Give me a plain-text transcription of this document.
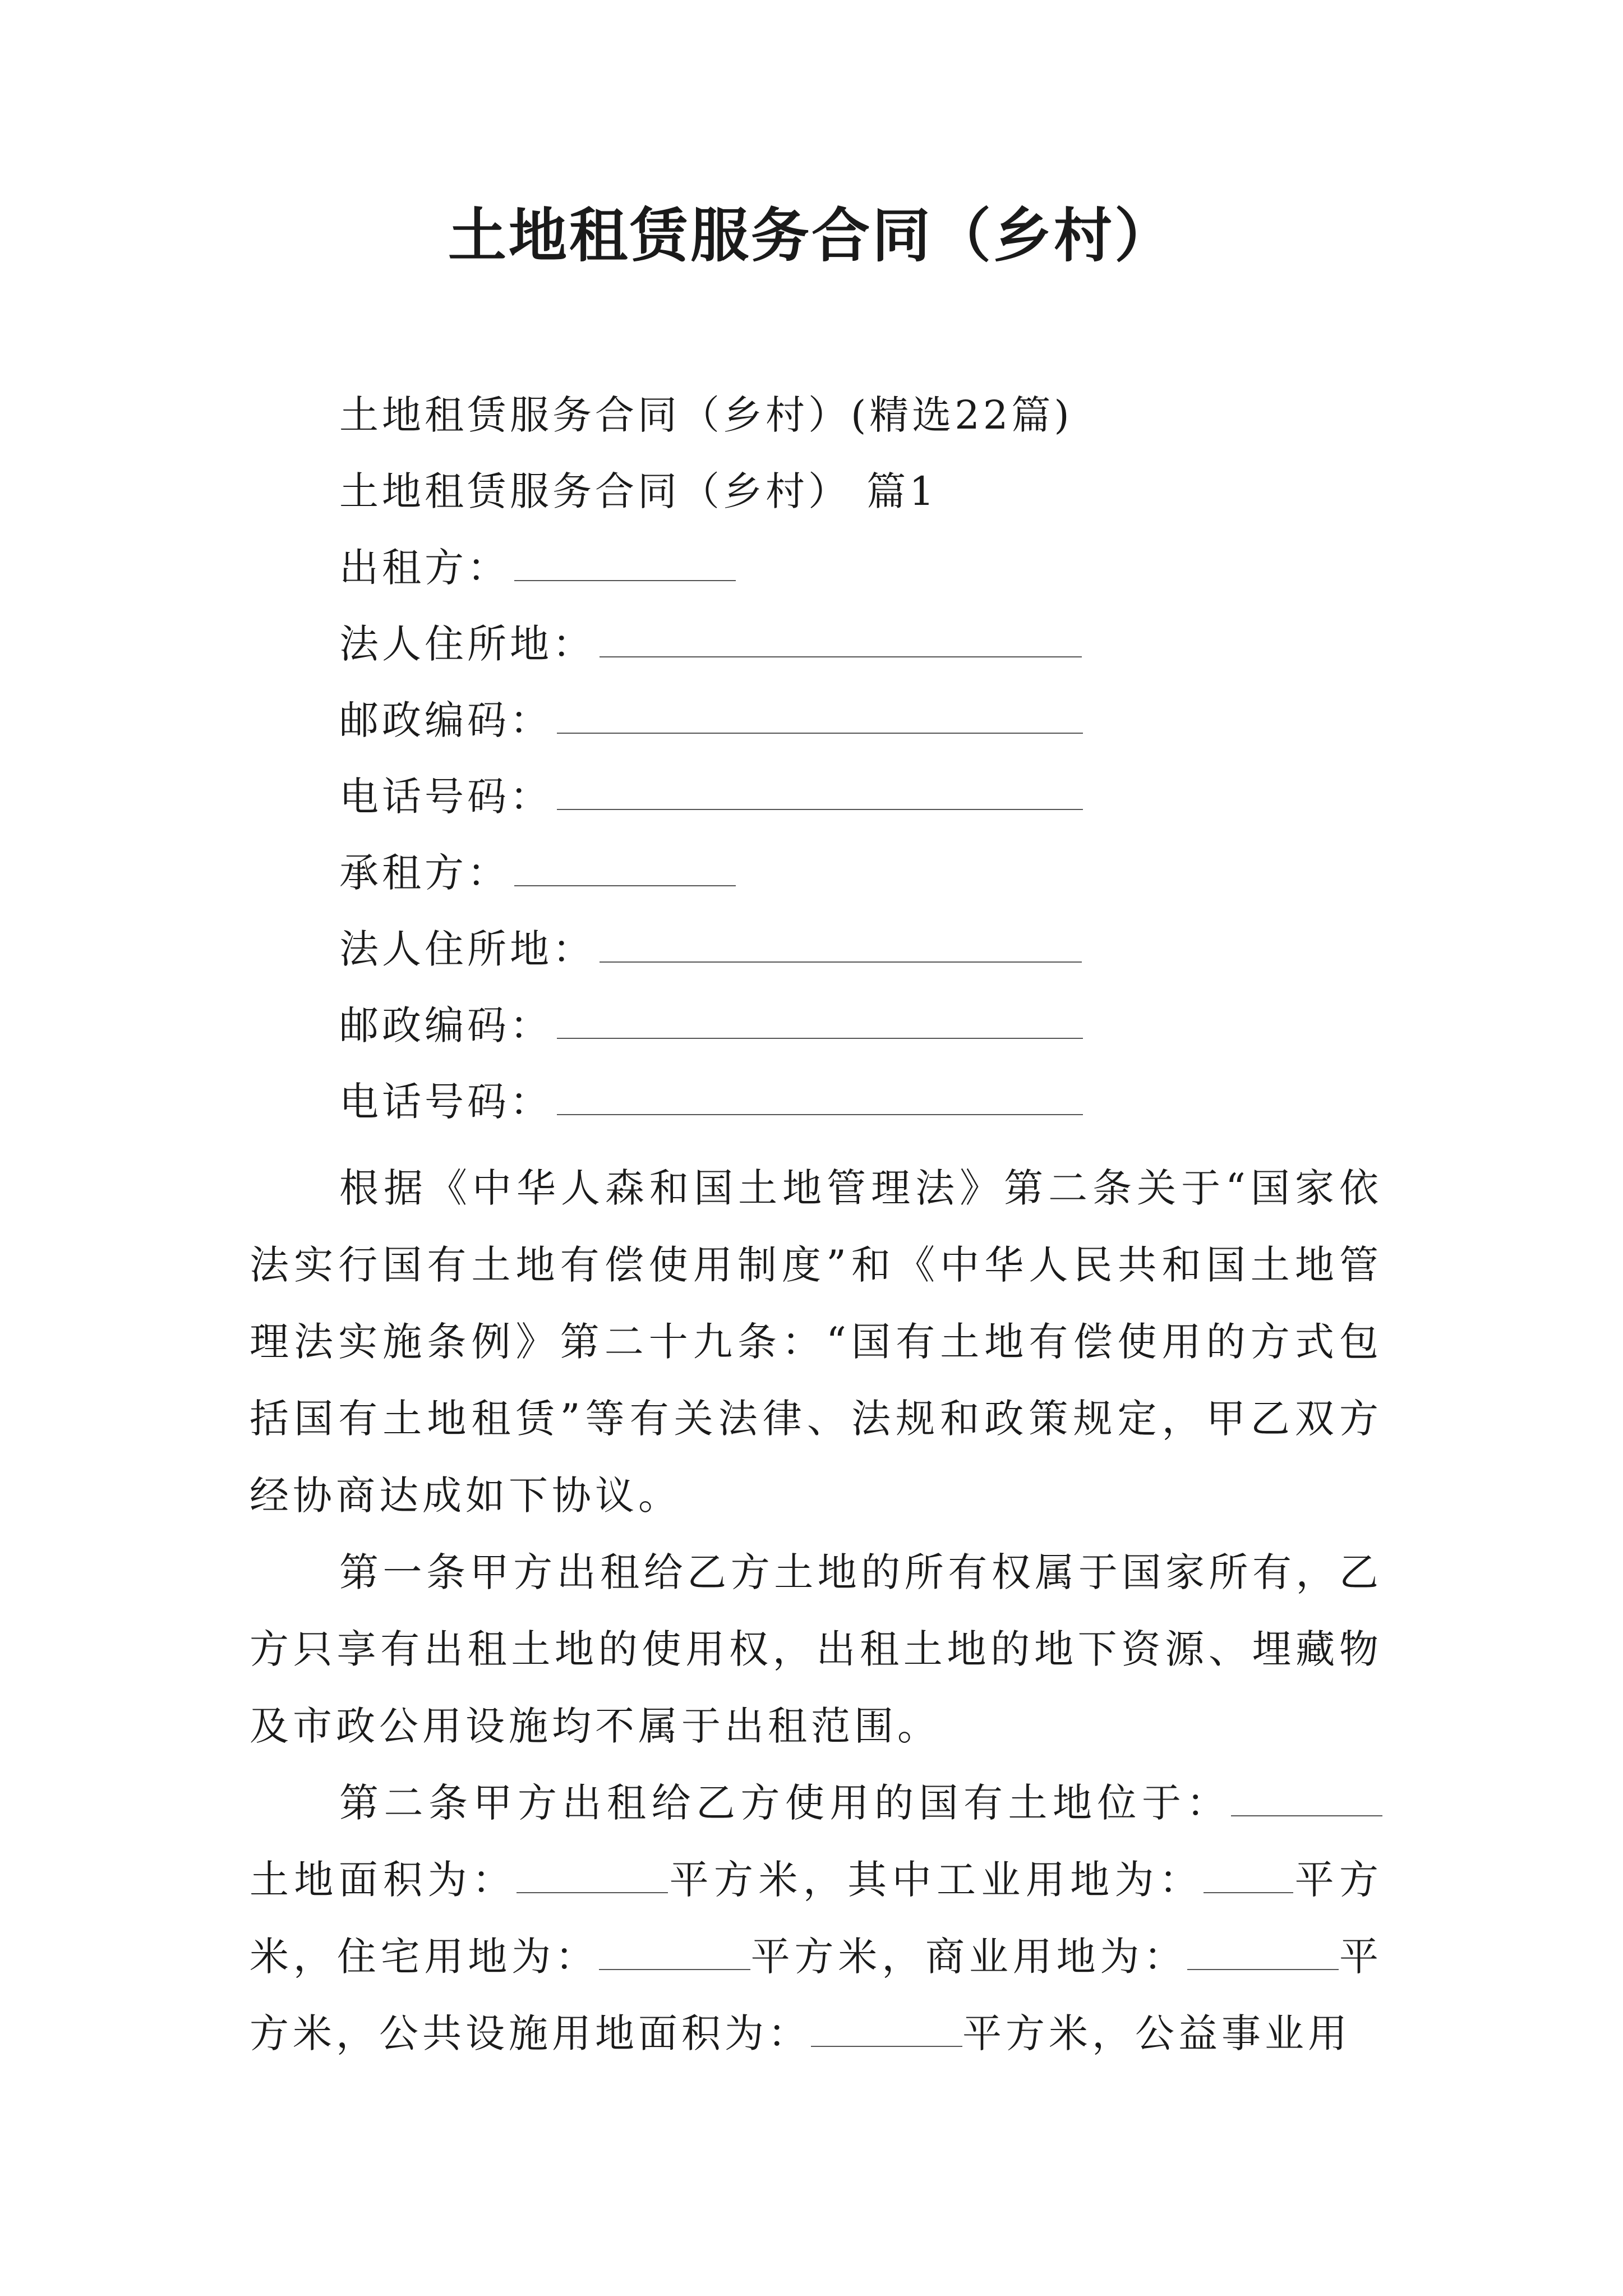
土地租赁服务合同（乡村）
土地租赁服务合同（乡村）(精选22篇)
土地租赁服务合同（乡村） 篇1
出租方：
法人住所地：
邮政编码：
电话号码：
承租方：
法人住所地：
邮政编码：
电话号码：
根据《中华人森和国土地管理法》第二条关于“国家依法实行国有土地有偿使用制度”和《中华人民共和国土地管理法实施条例》第二十九条：“国有土地有偿使用的方式包括国有土地租赁”等有关法律、法规和政策规定，甲乙双方经协商达成如下协议。
第一条甲方出租给乙方土地的所有权属于国家所有，乙方只享有出租土地的使用权，出租土地的地下资源、埋藏物及市政公用设施均不属于出租范围。
第二条甲方出租给乙方使用的国有土地位于：土地面积为：	平方米，其中工业用地为： 平方米，住宅用地为：	平方米，商业用地为：	平方米，公共设施用地面积为：	平方米，公益事业用
